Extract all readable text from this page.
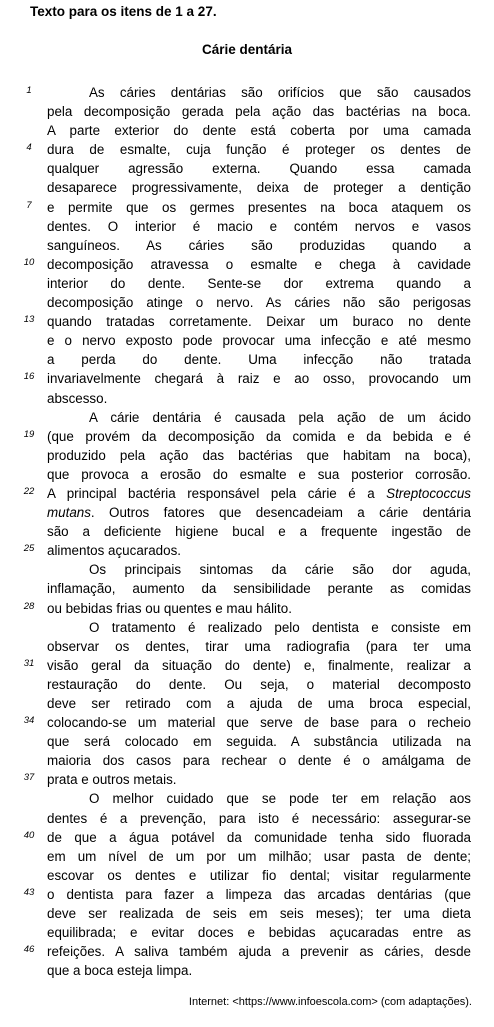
Texto para os itens de 1 a 27.
Cárie dentária
1	As cáries dentárias são orifícios que são causados
pela decomposição gerada pela ação das bactérias na boca.
A parte exterior do dente está coberta por uma camada
4	dura de esmalte, cuja função é proteger os dentes de
qualquer agressão externa. Quando essa camada
desaparece progressivamente, deixa de proteger a dentição
7	e permite que os germes presentes na boca ataquem os
dentes. O interior é macio e contém nervos e vasos
sanguíneos. As cáries são produzidas quando a
10 decomposição atravessa o esmalte e chega à cavidade
interior do dente. Sente-se dor extrema quando a
decomposição atinge o nervo. As cáries não são perigosas
13 quando tratadas corretamente. Deixar um buraco no dente
e o nervo exposto pode provocar uma infecção e até mesmo
a perda do dente. Uma infecção não tratada
16 invariavelmente chegará à raiz e ao osso, provocando um
abscesso.
A cárie dentária é causada pela ação de um ácido
19 (que provém da decomposição da comida e da bebida e é
produzido pela ação das bactérias que habitam na boca),
que provoca a erosão do esmalte e sua posterior corrosão.
22 A principal bactéria responsável pela cárie é a Streptococcus
mutans. Outros fatores que desencadeiam a cárie dentária
são a deficiente higiene bucal e a frequente ingestão de
25 alimentos açucarados.
Os principais sintomas da cárie são dor aguda,
inflamação, aumento da sensibilidade perante as comidas
28 ou bebidas frias ou quentes e mau hálito.
O tratamento é realizado pelo dentista e consiste em
observar os dentes, tirar uma radiografia (para ter uma
31 visão geral da situação do dente) e, finalmente, realizar a
restauração do dente. Ou seja, o material decomposto
deve ser retirado com a ajuda de uma broca especial,
34 colocando-se um material que serve de base para o recheio
que será colocado em seguida. A substância utilizada na
maioria dos casos para rechear o dente é o amálgama de
37 prata e outros metais.
O melhor cuidado que se pode ter em relação aos
dentes é a prevenção, para isto é necessário: assegurar-se
40 de que a água potável da comunidade tenha sido fluorada
em um nível de um por um milhão; usar pasta de dente;
escovar os dentes e utilizar fio dental; visitar regularmente
43 o dentista para fazer a limpeza das arcadas dentárias (que
deve ser realizada de seis em seis meses); ter uma dieta
equilibrada; e evitar doces e bebidas açucaradas entre as
46 refeições. A saliva também ajuda a prevenir as cáries, desde
que a boca esteja limpa.
Internet: <https://www.infoescola.com> (com adaptações).
